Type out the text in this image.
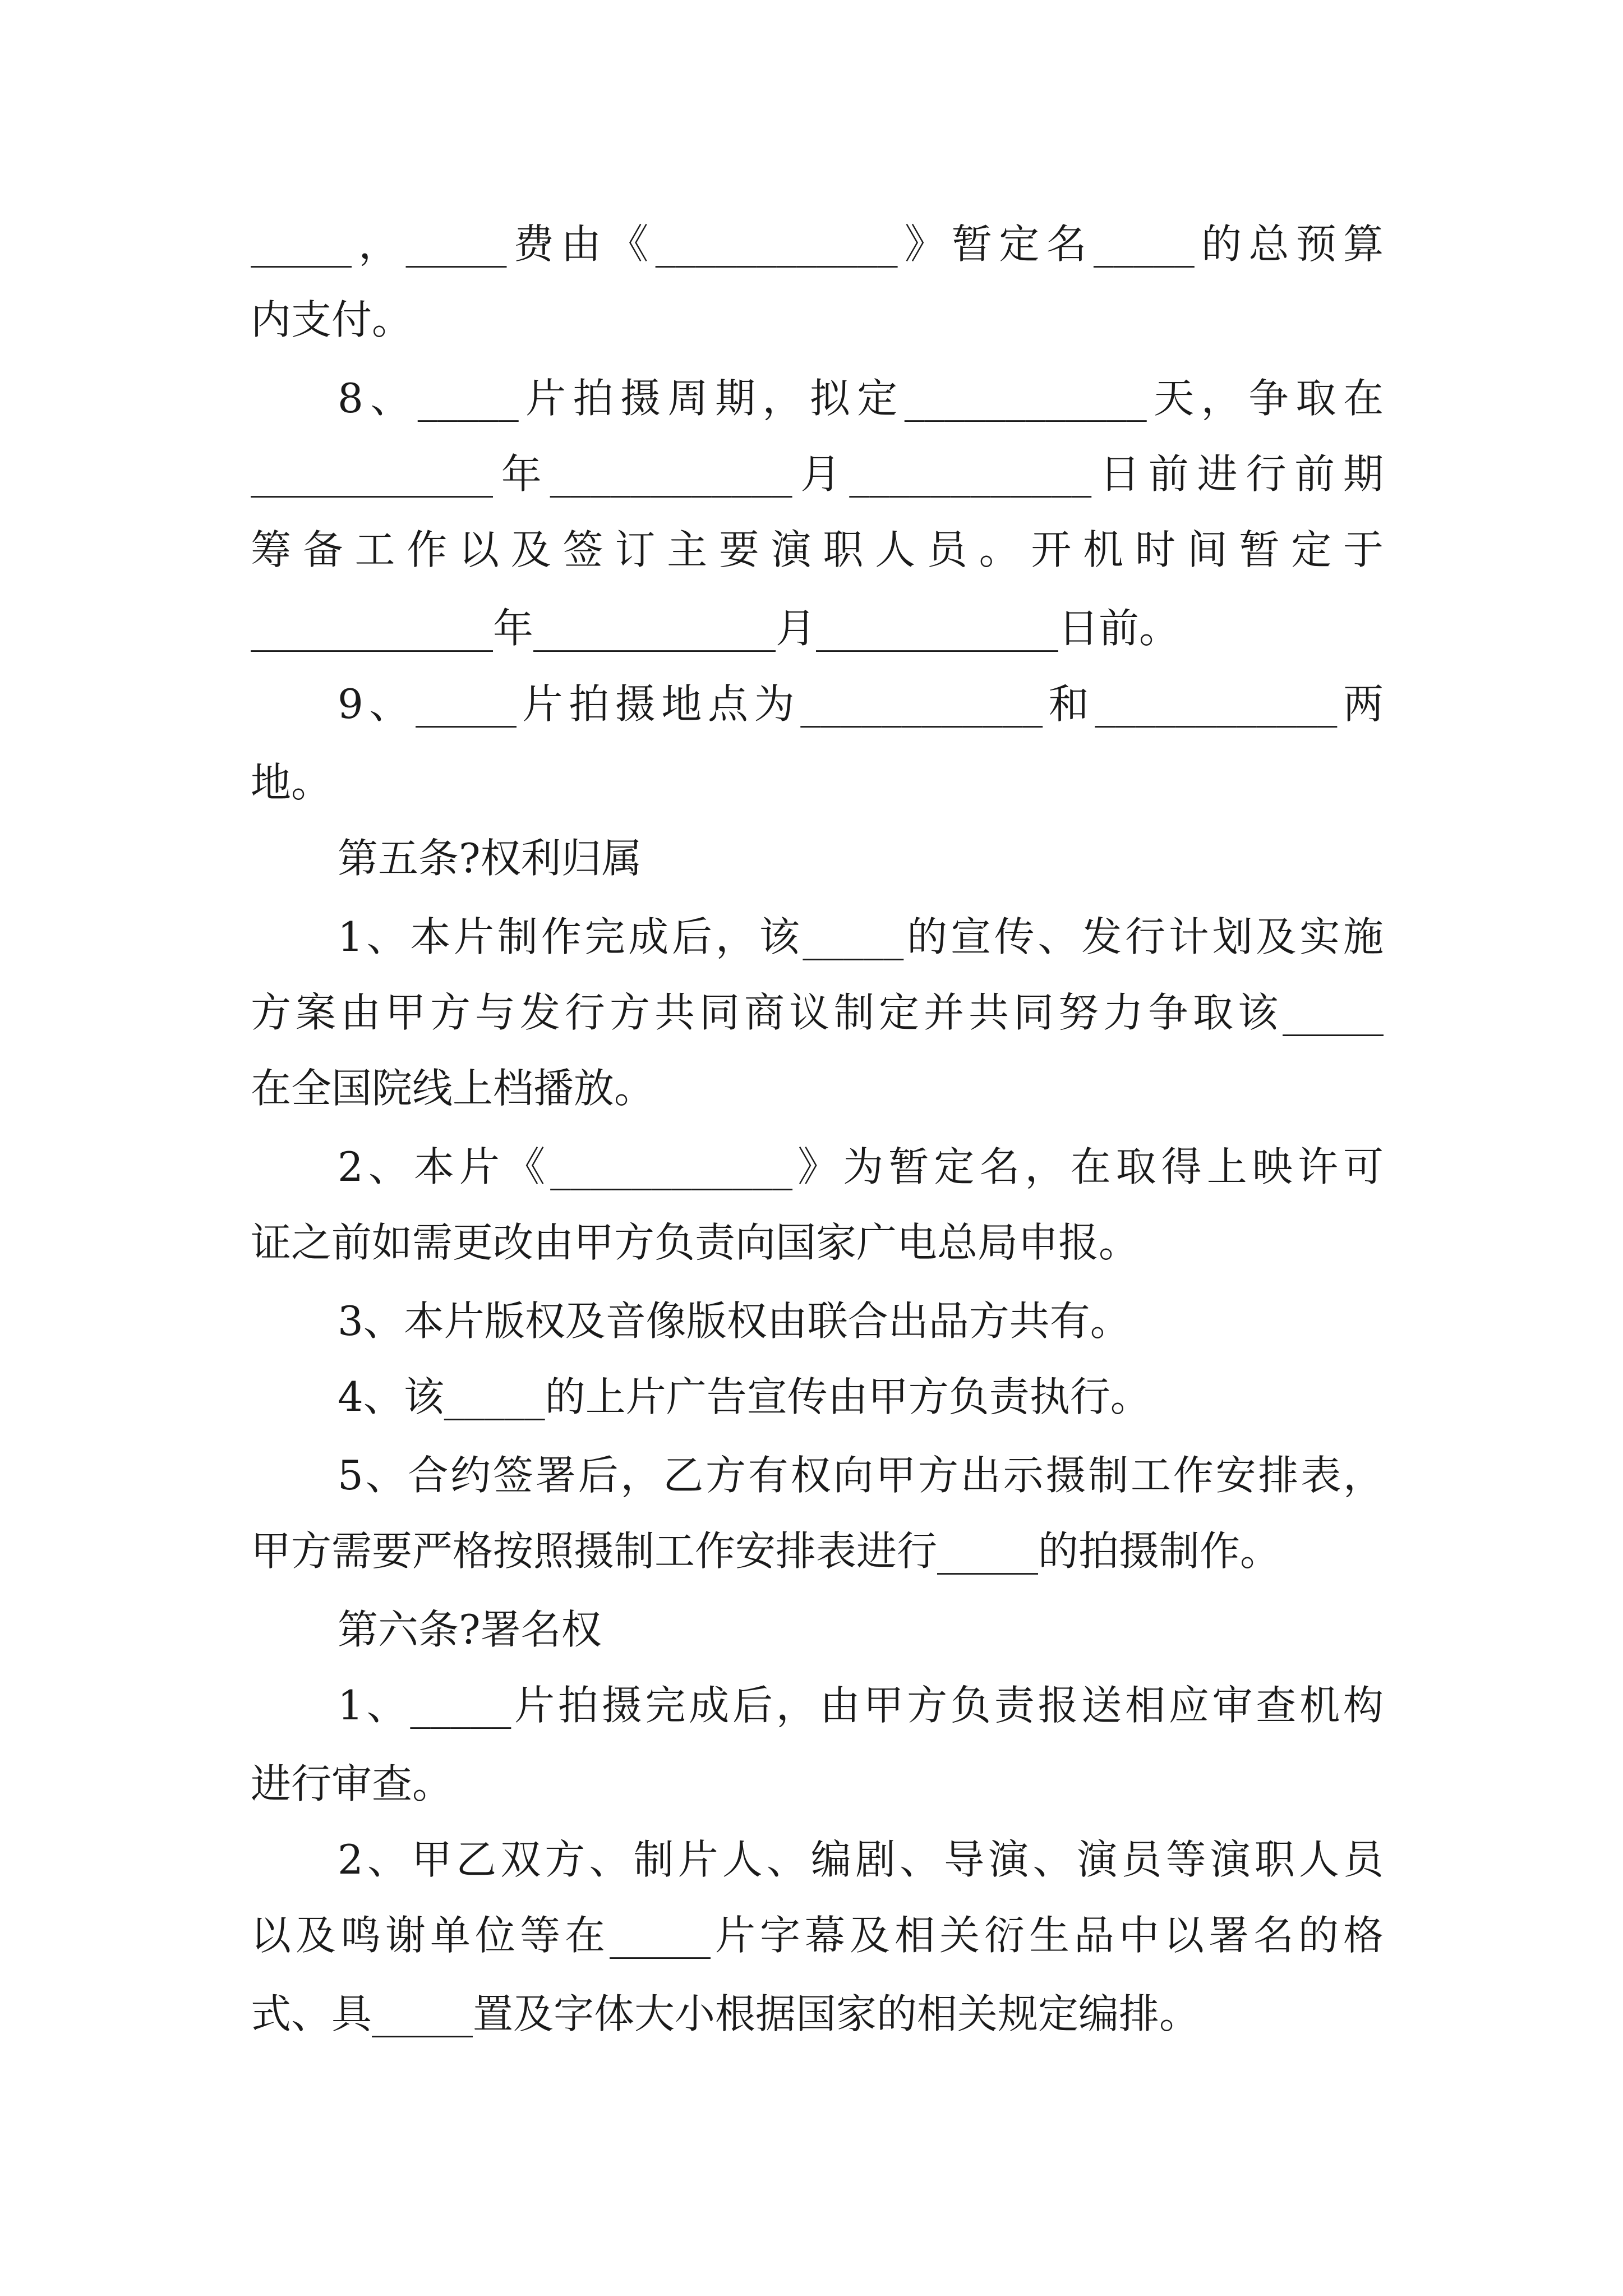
_____，_____费由《____________》暂定名_____的总预算
内支付。
8、_____片拍摄周期，拟定____________天，争取在
____________年____________月____________日前进行前期
筹备工作以及签订主要演职人员。开机时间暂定于
____________年____________月____________日前。
9、_____片拍摄地点为____________和____________两
地。
第五条?权利归属
1、本片制作完成后，该_____的宣传、发行计划及实施
方案由甲方与发行方共同商议制定并共同努力争取该_____
在全国院线上档播放。
2、本片《____________》为暂定名，在取得上映许可
证之前如需更改由甲方负责向国家广电总局申报。
3、本片版权及音像版权由联合出品方共有。
4、该_____的上片广告宣传由甲方负责执行。
5、合约签署后，乙方有权向甲方出示摄制工作安排表，
甲方需要严格按照摄制工作安排表进行_____的拍摄制作。
第六条?署名权
1、_____片拍摄完成后，由甲方负责报送相应审查机构
进行审查。
2、甲乙双方、制片人、编剧、导演、演员等演职人员
以及鸣谢单位等在_____片字幕及相关衍生品中以署名的格
式、具_____置及字体大小根据国家的相关规定编排。
